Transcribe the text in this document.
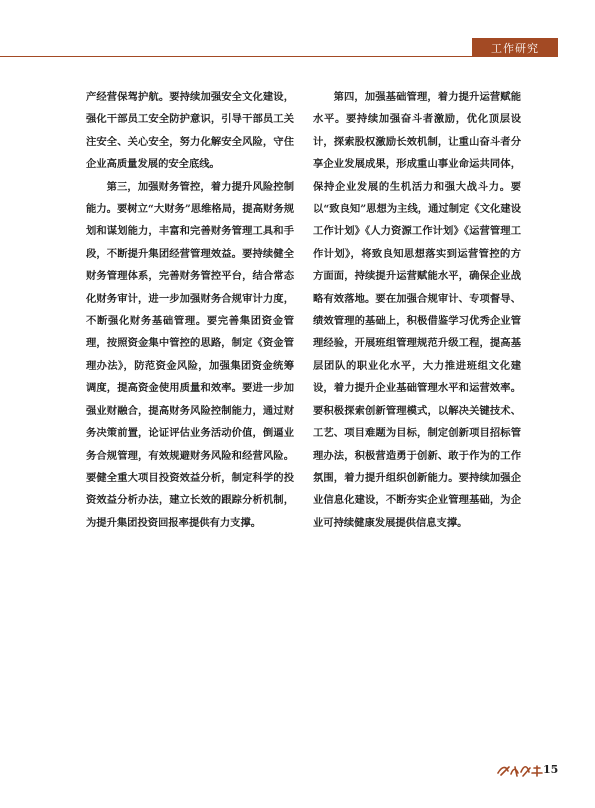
工作研究

产经营保驾护航。要持续加强安全文化建设，强化干部员工安全防护意识，引导干部员工关注安全、关心安全，努力化解安全风险，守住企业高质量发展的安全底线。

第三，加强财务管控，着力提升风险控制能力。要树立“大财务”思维格局，提高财务规划和谋划能力，丰富和完善财务管理工具和手段，不断提升集团经营管理效益。要持续健全财务管理体系，完善财务管控平台，结合常态化财务审计，进一步加强财务合规审计力度，不断强化财务基础管理。要完善集团资金管理，按照资金集中管控的思路，制定《资金管理办法》，防范资金风险，加强集团资金统筹调度，提高资金使用质量和效率。要进一步加强业财融合，提高财务风险控制能力，通过财务决策前置，论证评估业务活动价值，倒逼业务合规管理，有效规避财务风险和经营风险。要健全重大项目投资效益分析，制定科学的投资效益分析办法，建立长效的跟踪分析机制，为提升集团投资回报率提供有力支撑。

第四，加强基础管理，着力提升运营赋能水平。要持续加强奋斗者激励，优化顶层设计，探索股权激励长效机制，让重山奋斗者分享企业发展成果，形成重山事业命运共同体，保持企业发展的生机活力和强大战斗力。要以“致良知”思想为主线，通过制定《文化建设工作计划》《人力资源工作计划》《运营管理工作计划》，将致良知思想落实到运营管控的方方面面，持续提升运营赋能水平，确保企业战略有效落地。要在加强合规审计、专项督导、绩效管理的基础上，积极借鉴学习优秀企业管理经验，开展班组管理规范升级工程，提高基层团队的职业化水平，大力推进班组文化建设，着力提升企业基础管理水平和运营效率。要积极探索创新管理模式，以解决关键技术、工艺、项目难题为目标，制定创新项目招标管理办法，积极营造勇于创新、敢于作为的工作氛围，着力提升组织创新能力。要持续加强企业信息化建设，不断夯实企业管理基础，为企业可持续健康发展提供信息支撑。

15
